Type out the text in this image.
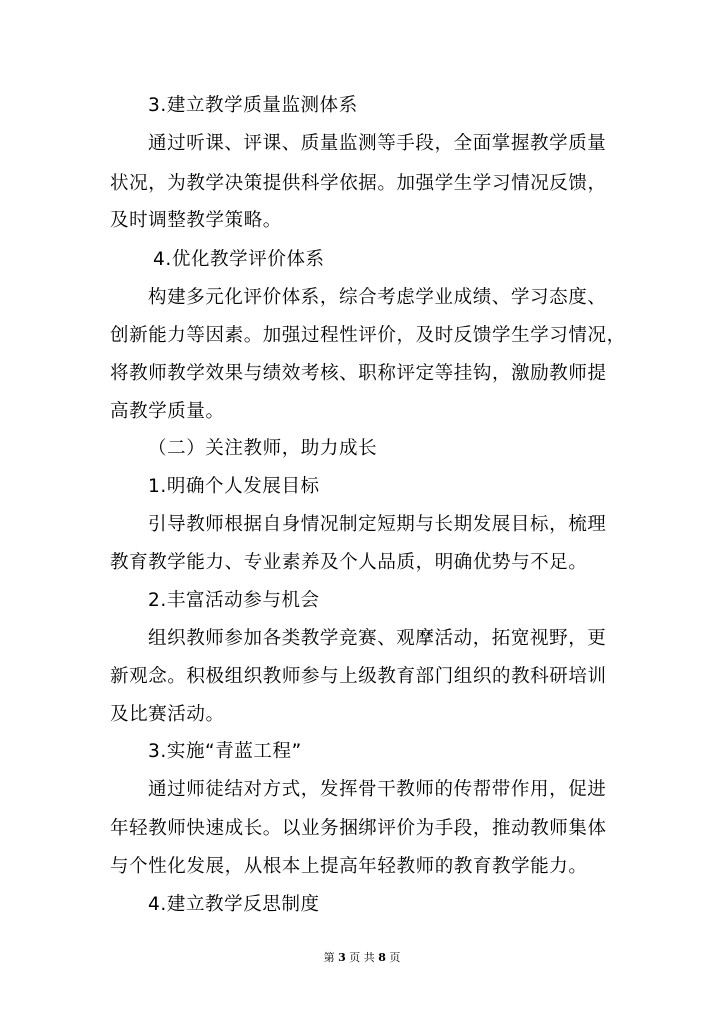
3.建立教学质量监测体系
通过听课、评课、质量监测等手段，全面掌握教学质量
状况，为教学决策提供科学依据。加强学生学习情况反馈，
及时调整教学策略。
4.优化教学评价体系
构建多元化评价体系，综合考虑学业成绩、学习态度、
创新能力等因素。加强过程性评价，及时反馈学生学习情况，
将教师教学效果与绩效考核、职称评定等挂钩，激励教师提
高教学质量。
（二）关注教师，助力成长
1.明确个人发展目标
引导教师根据自身情况制定短期与长期发展目标，梳理
教育教学能力、专业素养及个人品质，明确优势与不足。
2.丰富活动参与机会
组织教师参加各类教学竞赛、观摩活动，拓宽视野，更
新观念。积极组织教师参与上级教育部门组织的教科研培训
及比赛活动。
3.实施“青蓝工程”
通过师徒结对方式，发挥骨干教师的传帮带作用，促进
年轻教师快速成长。以业务捆绑评价为手段，推动教师集体
与个性化发展，从根本上提高年轻教师的教育教学能力。
4.建立教学反思制度
第 3 页 共 8 页
